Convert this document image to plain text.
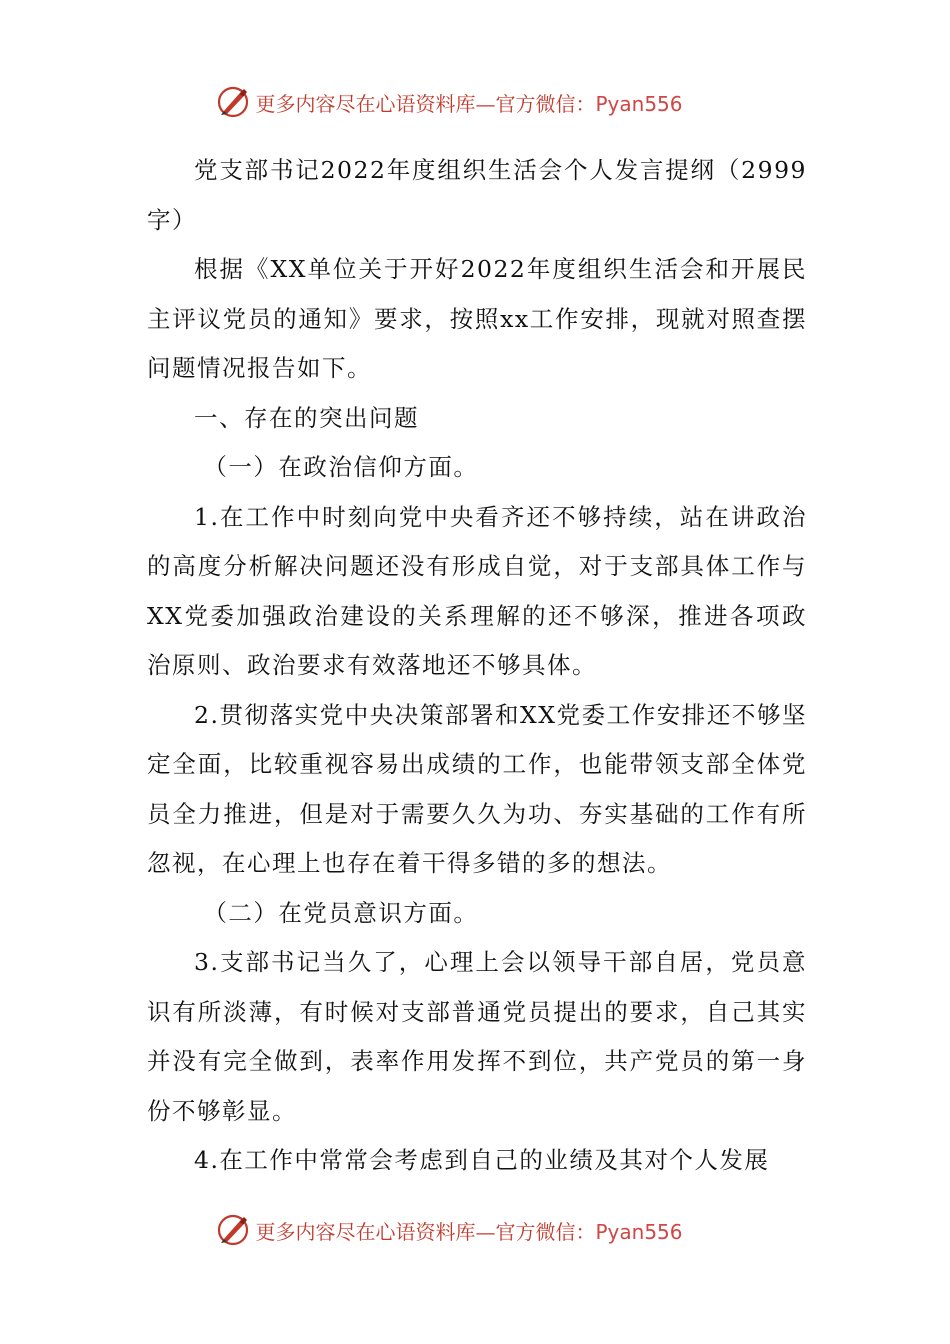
更多内容尽在心语资料库—官方微信：Pyan556

党支部书记2022年度组织生活会个人发言提纲（2999字）

根据《XX单位关于开好2022年度组织生活会和开展民主评议党员的通知》要求，按照xx工作安排，现就对照查摆问题情况报告如下。

一、存在的突出问题

（一）在政治信仰方面。

1.在工作中时刻向党中央看齐还不够持续，站在讲政治的高度分析解决问题还没有形成自觉，对于支部具体工作与XX党委加强政治建设的关系理解的还不够深，推进各项政治原则、政治要求有效落地还不够具体。

2.贯彻落实党中央决策部署和XX党委工作安排还不够坚定全面，比较重视容易出成绩的工作，也能带领支部全体党员全力推进，但是对于需要久久为功、夯实基础的工作有所忽视，在心理上也存在着干得多错的多的想法。

（二）在党员意识方面。

3.支部书记当久了，心理上会以领导干部自居，党员意识有所淡薄，有时候对支部普通党员提出的要求，自己其实并没有完全做到，表率作用发挥不到位，共产党员的第一身份不够彰显。

4.在工作中常常会考虑到自己的业绩及其对个人发展

更多内容尽在心语资料库—官方微信：Pyan556
